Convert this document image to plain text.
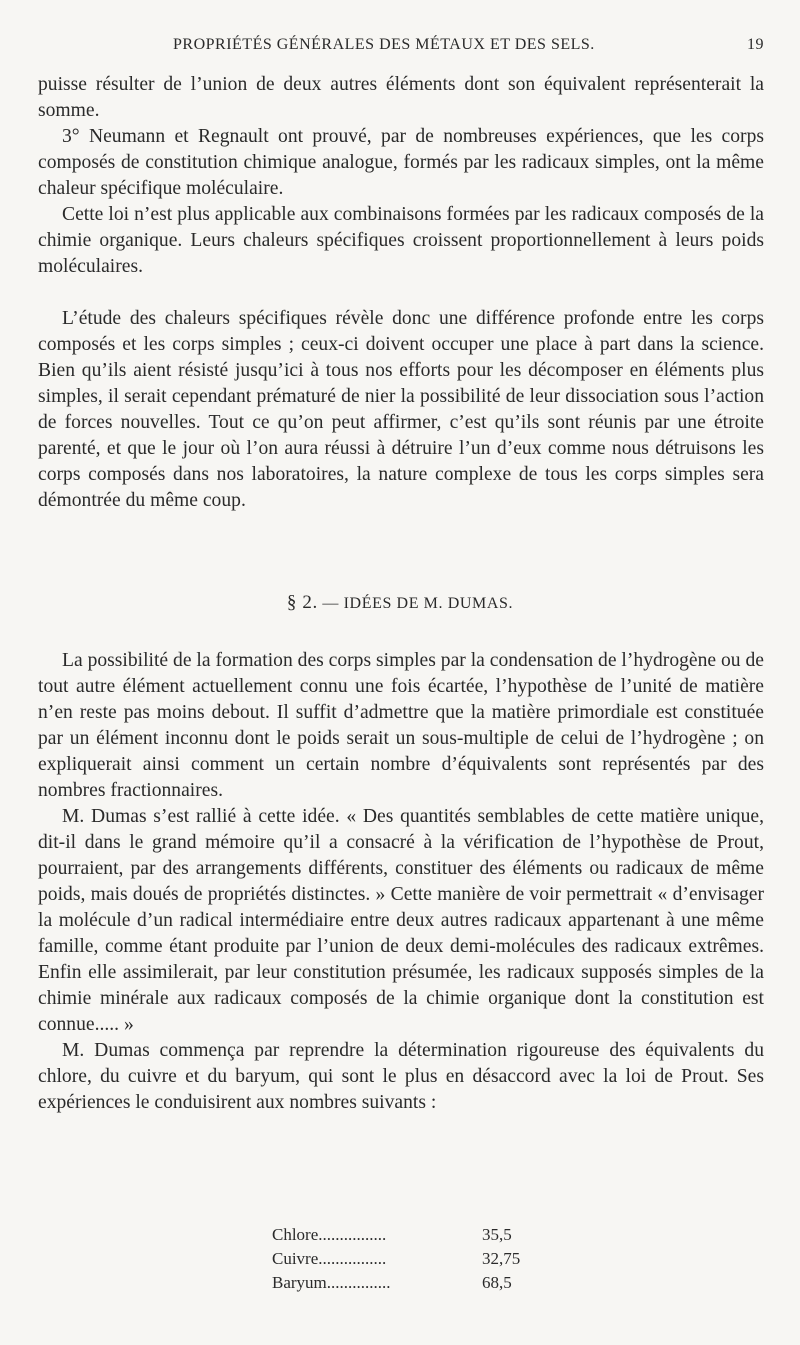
PROPRIÉTÉS GÉNÉRALES DES MÉTAUX ET DES SELS.	19

puisse résulter de l’union de deux autres éléments dont son équivalent représenterait la somme.

3° Neumann et Regnault ont prouvé, par de nombreuses expériences, que les corps composés de constitution chimique analogue, formés par les radicaux simples, ont la même chaleur spécifique moléculaire.

Cette loi n’est plus applicable aux combinaisons formées par les radicaux composés de la chimie organique. Leurs chaleurs spécifiques croissent proportionnellement à leurs poids moléculaires.

L’étude des chaleurs spécifiques révèle donc une différence profonde entre les corps composés et les corps simples ; ceux-ci doivent occuper une place à part dans la science. Bien qu’ils aient résisté jusqu’ici à tous nos efforts pour les décomposer en éléments plus simples, il serait cependant prématuré de nier la possibilité de leur dissociation sous l’action de forces nouvelles. Tout ce qu’on peut affirmer, c’est qu’ils sont réunis par une étroite parenté, et que le jour où l’on aura réussi à détruire l’un d’eux comme nous détruisons les corps composés dans nos laboratoires, la nature complexe de tous les corps simples sera démontrée du même coup.

§ 2. — IDÉES DE M. DUMAS.

La possibilité de la formation des corps simples par la condensation de l’hydrogène ou de tout autre élément actuellement connu une fois écartée, l’hypothèse de l’unité de matière n’en reste pas moins debout. Il suffit d’admettre que la matière primordiale est constituée par un élément inconnu dont le poids serait un sous-multiple de celui de l’hydrogène ; on expliquerait ainsi comment un certain nombre d’équivalents sont représentés par des nombres fractionnaires.

M. Dumas s’est rallié à cette idée. « Des quantités semblables de cette matière unique, dit-il dans le grand mémoire qu’il a consacré à la vérification de l’hypothèse de Prout, pourraient, par des arrangements différents, constituer des éléments ou radicaux de même poids, mais doués de propriétés distinctes. » Cette manière de voir permettrait « d’envisager la molécule d’un radical intermédiaire entre deux autres radicaux appartenant à une même famille, comme étant produite par l’union de deux demi-molécules des radicaux extrêmes. Enfin elle assimilerait, par leur constitution présumée, les radicaux supposés simples de la chimie minérale aux radicaux composés de la chimie organique dont la constitution est connue..... »

M. Dumas commença par reprendre la détermination rigoureuse des équivalents du chlore, du cuivre et du baryum, qui sont le plus en désaccord avec la loi de Prout. Ses expériences le conduisirent aux nombres suivants :

Chlore................	35,5
Cuivre................	32,75
Baryum...............	68,5
